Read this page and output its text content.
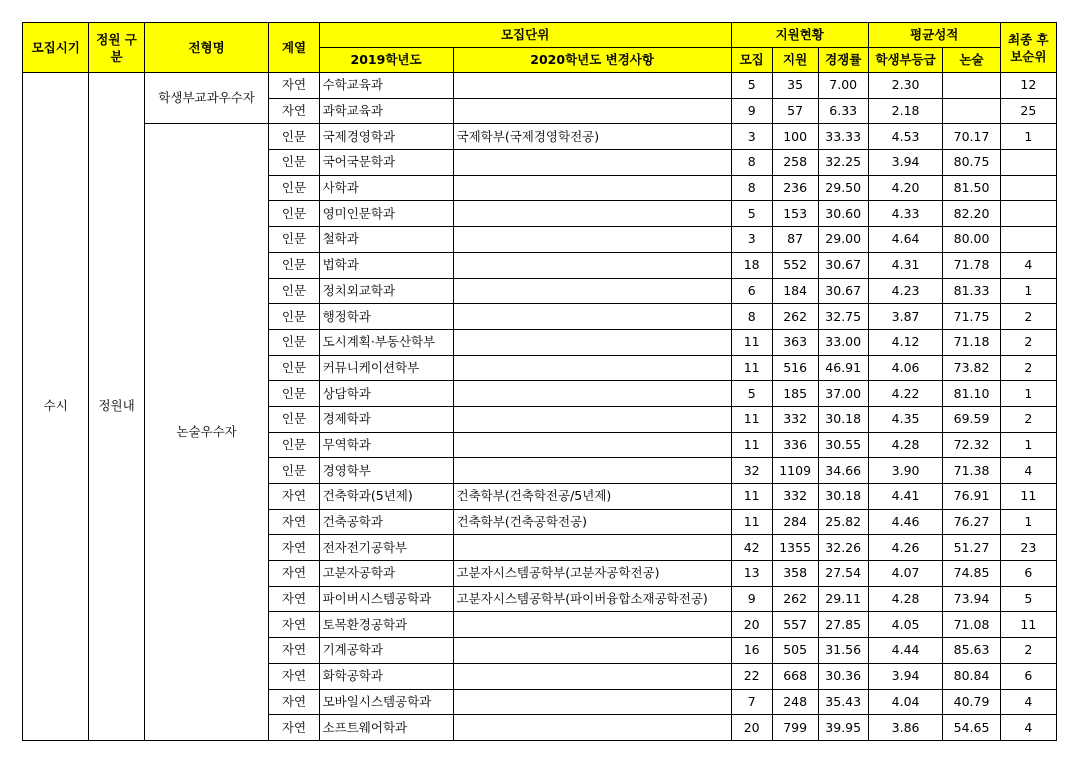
모집시기	정원 구분	전형명	계열	모집단위		지원현황			평균성적		최종 후보순위

				2019학년도	2020학년도 변경사항	모집	지원	경쟁률	학생부등급	논술	
수시	정원내	학생부교과우수자	자연	수학교육과		5	35	7.00	2.30		12
			자연	과학교육과		9	57	6.33	2.18		25
		논술우수자	인문	국제경영학과	국제학부(국제경영학전공)	3	100	33.33	4.53	70.17	1
			인문	국어국문학과		8	258	32.25	3.94	80.75	
			인문	사학과		8	236	29.50	4.20	81.50	
			인문	영미인문학과		5	153	30.60	4.33	82.20	
			인문	철학과		3	87	29.00	4.64	80.00	
			인문	법학과		18	552	30.67	4.31	71.78	4
			인문	정치외교학과		6	184	30.67	4.23	81.33	1
			인문	행정학과		8	262	32.75	3.87	71.75	2
			인문	도시계획·부동산학부		11	363	33.00	4.12	71.18	2
			인문	커뮤니케이션학부		11	516	46.91	4.06	73.82	2
			인문	상담학과		5	185	37.00	4.22	81.10	1
			인문	경제학과		11	332	30.18	4.35	69.59	2
			인문	무역학과		11	336	30.55	4.28	72.32	1
			인문	경영학부		32	1109	34.66	3.90	71.38	4
			자연	건축학과(5년제)	건축학부(건축학전공/5년제)	11	332	30.18	4.41	76.91	11
			자연	건축공학과	건축학부(건축공학전공)	11	284	25.82	4.46	76.27	1
			자연	전자전기공학부		42	1355	32.26	4.26	51.27	23
			자연	고분자공학과	고분자시스템공학부(고분자공학전공)	13	358	27.54	4.07	74.85	6
			자연	파이버시스템공학과	고분자시스템공학부(파이버융합소재공학전공)	9	262	29.11	4.28	73.94	5
			자연	토목환경공학과		20	557	27.85	4.05	71.08	11
			자연	기계공학과		16	505	31.56	4.44	85.63	2
			자연	화학공학과		22	668	30.36	3.94	80.84	6
			자연	모바일시스템공학과		7	248	35.43	4.04	40.79	4
			자연	소프트웨어학과		20	799	39.95	3.86	54.65	4
